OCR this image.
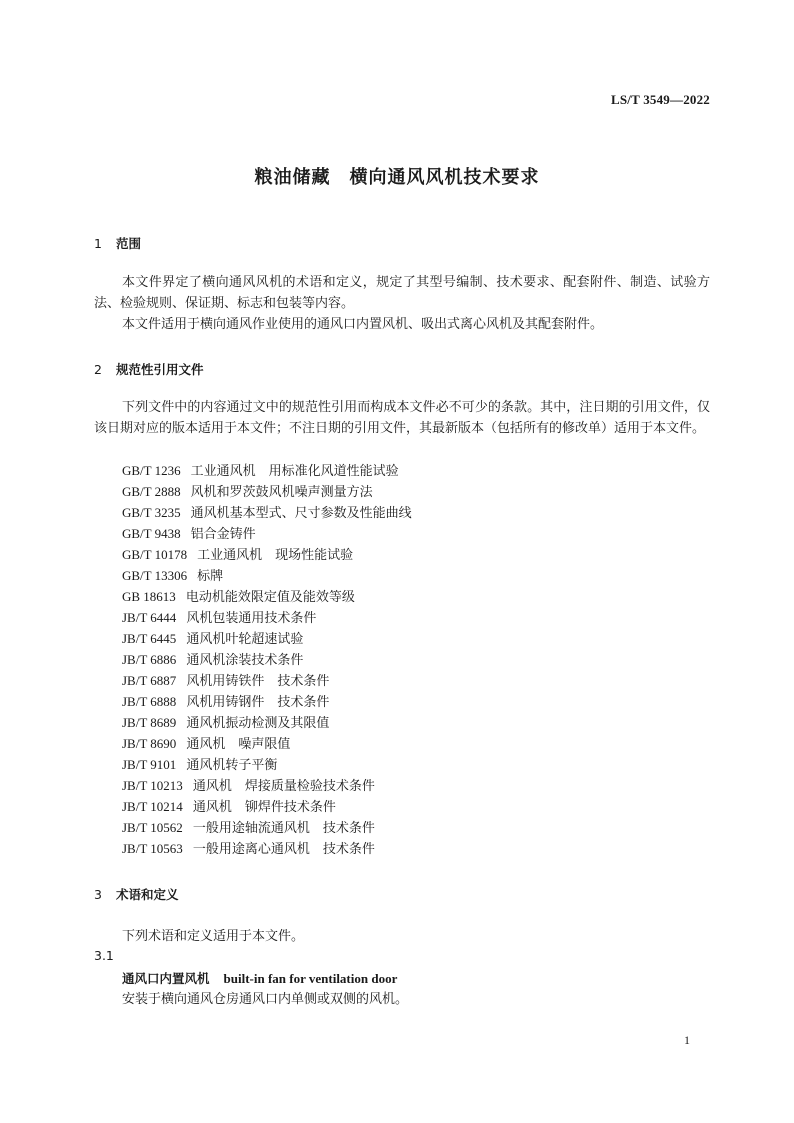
LS/T 3549—2022
粮油储藏　横向通风风机技术要求
1 范围
本文件界定了横向通风风机的术语和定义，规定了其型号编制、技术要求、配套附件、制造、试验方法、检验规则、保证期、标志和包装等内容。
本文件适用于横向通风作业使用的通风口内置风机、吸出式离心风机及其配套附件。
2 规范性引用文件
下列文件中的内容通过文中的规范性引用而构成本文件必不可少的条款。其中，注日期的引用文件，仅该日期对应的版本适用于本文件；不注日期的引用文件，其最新版本（包括所有的修改单）适用于本文件。
GB/T 1236 工业通风机　用标准化风道性能试验
GB/T 2888 风机和罗茨鼓风机噪声测量方法
GB/T 3235 通风机基本型式、尺寸参数及性能曲线
GB/T 9438 铝合金铸件
GB/T 10178 工业通风机　现场性能试验
GB/T 13306 标牌
GB 18613 电动机能效限定值及能效等级
JB/T 6444 风机包装通用技术条件
JB/T 6445 通风机叶轮超速试验
JB/T 6886 通风机涂装技术条件
JB/T 6887 风机用铸铁件　技术条件
JB/T 6888 风机用铸钢件　技术条件
JB/T 8689 通风机振动检测及其限值
JB/T 8690 通风机　噪声限值
JB/T 9101 通风机转子平衡
JB/T 10213 通风机　焊接质量检验技术条件
JB/T 10214 通风机　铆焊件技术条件
JB/T 10562 一般用途轴流通风机　技术条件
JB/T 10563 一般用途离心通风机　技术条件
3 术语和定义
下列术语和定义适用于本文件。
3.1
通风口内置风机 built-in fan for ventilation door
安装于横向通风仓房通风口内单侧或双侧的风机。
1
